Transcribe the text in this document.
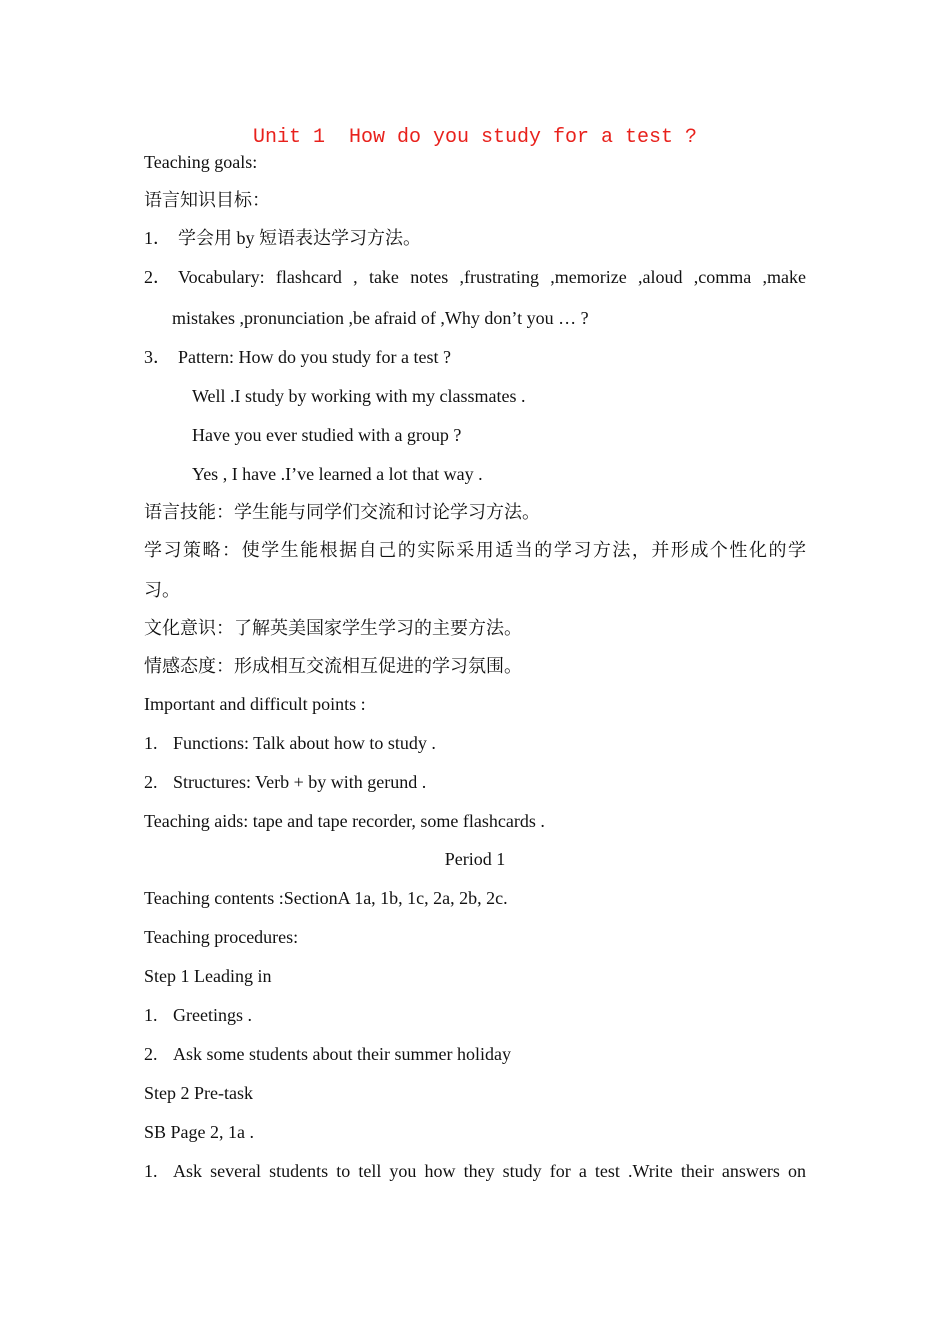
Unit 1  How do you study for a test ?
Teaching goals:
语言知识目标：
1． 学会用 by 短语表达学习方法。
2． Vocabulary: flashcard , take notes ,frustrating ,memorize ,aloud ,comma ,make
mistakes ,pronunciation ,be afraid of ,Why don’t you … ?
3． Pattern: How do you study for a test ?
Well .I study by working with my classmates .
Have you ever studied with a group ?
Yes , I have .I’ve learned a lot that way .
语言技能：学生能与同学们交流和讨论学习方法。
学习策略：使学生能根据自己的实际采用适当的学习方法，并形成个性化的学
习。
文化意识：了解英美国家学生学习的主要方法。
情感态度：形成相互交流相互促进的学习氛围。
Important and difficult points :
1. Functions: Talk about how to study .
2. Structures: Verb + by with gerund .
Teaching aids: tape and tape recorder, some flashcards .
Period 1
Teaching contents :SectionA 1a, 1b, 1c, 2a, 2b, 2c.
Teaching procedures:
Step 1 Leading in
1. Greetings .
2. Ask some students about their summer holiday
Step 2 Pre-task
SB Page 2, 1a .
1. Ask several students to tell you how they study for a test .Write their answers on
